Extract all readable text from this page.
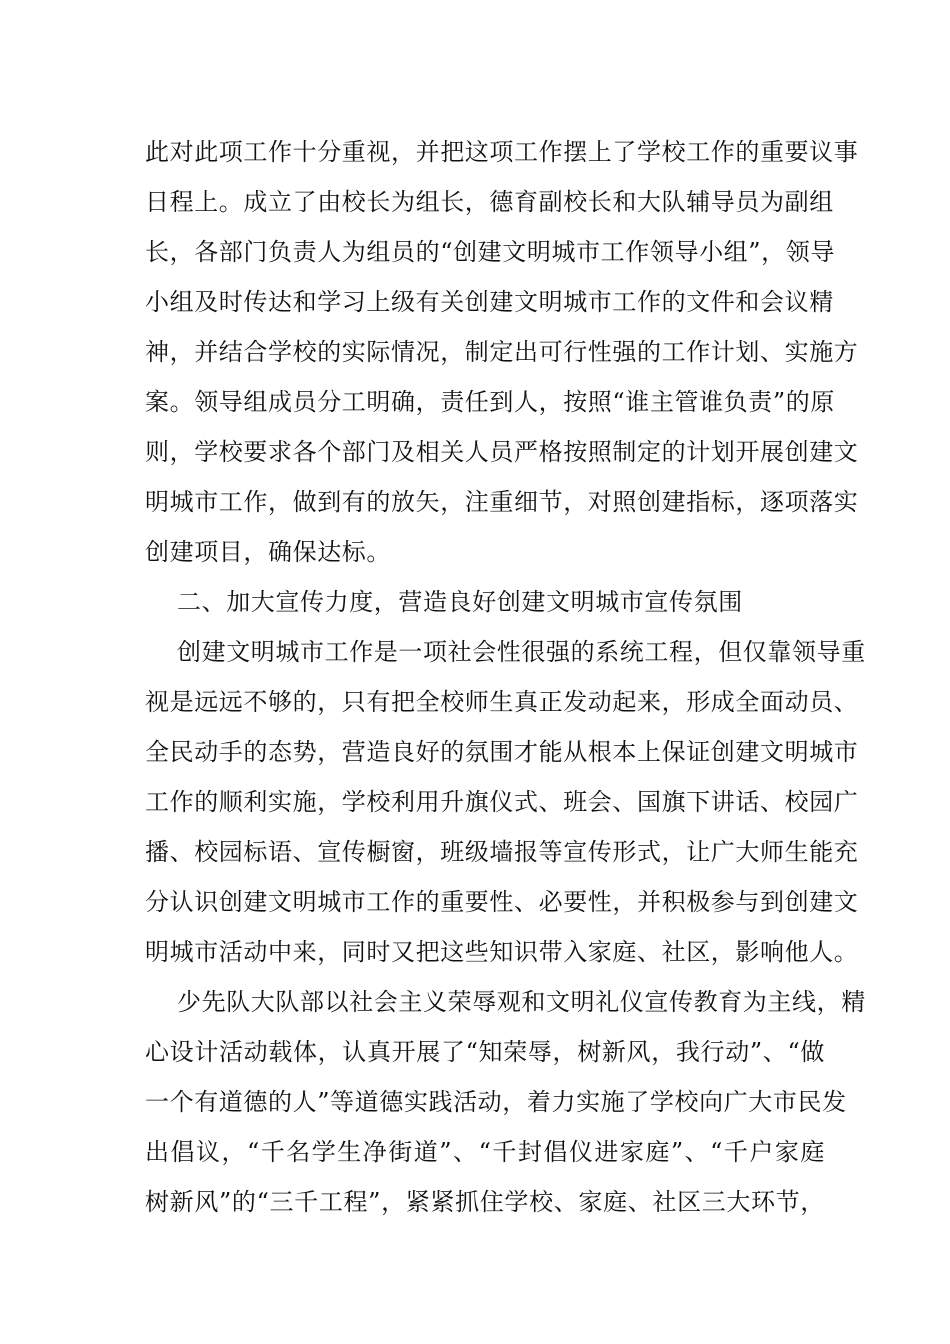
此对此项工作十分重视，并把这项工作摆上了学校工作的重要议事
日程上。成立了由校长为组长，德育副校长和大队辅导员为副组
长，各部门负责人为组员的“创建文明城市工作领导小组”，领导
小组及时传达和学习上级有关创建文明城市工作的文件和会议精
神，并结合学校的实际情况，制定出可行性强的工作计划、实施方
案。领导组成员分工明确，责任到人，按照“谁主管谁负责”的原
则，学校要求各个部门及相关人员严格按照制定的计划开展创建文
明城市工作，做到有的放矢，注重细节，对照创建指标，逐项落实
创建项目，确保达标。
二、加大宣传力度，营造良好创建文明城市宣传氛围
创建文明城市工作是一项社会性很强的系统工程，但仅靠领导重
视是远远不够的，只有把全校师生真正发动起来，形成全面动员、
全民动手的态势，营造良好的氛围才能从根本上保证创建文明城市
工作的顺利实施，学校利用升旗仪式、班会、国旗下讲话、校园广
播、校园标语、宣传橱窗，班级墙报等宣传形式，让广大师生能充
分认识创建文明城市工作的重要性、必要性，并积极参与到创建文
明城市活动中来，同时又把这些知识带入家庭、社区，影响他人。
少先队大队部以社会主义荣辱观和文明礼仪宣传教育为主线，精
心设计活动载体，认真开展了“知荣辱，树新风，我行动”、“做
一个有道德的人”等道德实践活动，着力实施了学校向广大市民发
出倡议，“千名学生净街道”、“千封倡仪进家庭”、“千户家庭
树新风”的“三千工程”，紧紧抓住学校、家庭、社区三大环节，
